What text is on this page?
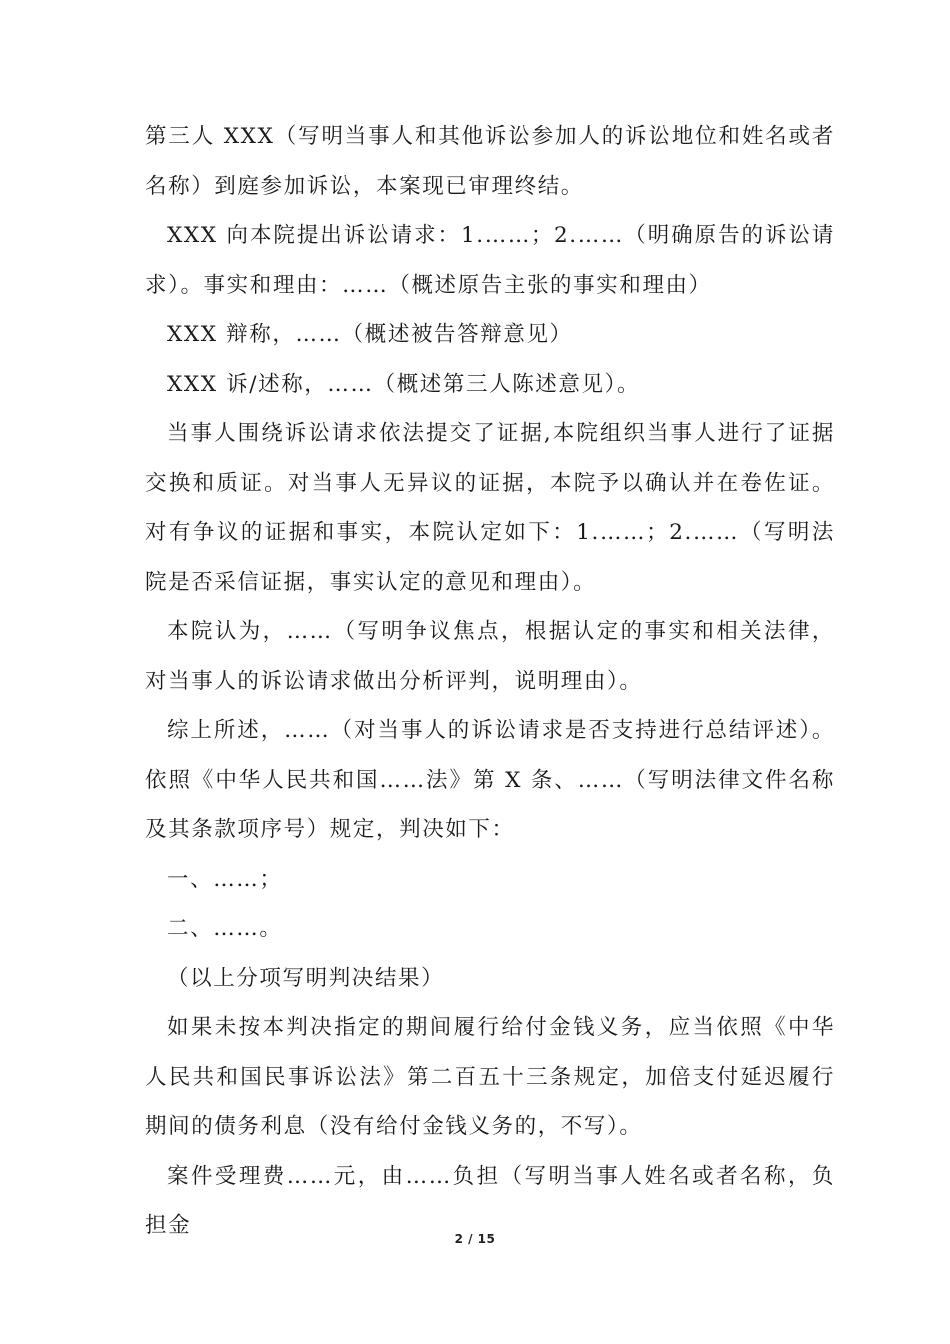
第三人 XXX（写明当事人和其他诉讼参加人的诉讼地位和姓名或者名称）到庭参加诉讼，本案现已审理终结。

XXX 向本院提出诉讼请求：1.……；2.……（明确原告的诉讼请求）。事实和理由：……（概述原告主张的事实和理由）

XXX 辩称，……（概述被告答辩意见）

XXX 诉/述称，……（概述第三人陈述意见）。

当事人围绕诉讼请求依法提交了证据,本院组织当事人进行了证据交换和质证。对当事人无异议的证据，本院予以确认并在卷佐证。对有争议的证据和事实，本院认定如下：1.……；2.……（写明法院是否采信证据，事实认定的意见和理由）。

本院认为，……（写明争议焦点，根据认定的事实和相关法律，对当事人的诉讼请求做出分析评判，说明理由）。

综上所述，……（对当事人的诉讼请求是否支持进行总结评述）。依照《中华人民共和国……法》第 X 条、……（写明法律文件名称及其条款项序号）规定，判决如下：

一、……；

二、……。

（以上分项写明判决结果）

如果未按本判决指定的期间履行给付金钱义务，应当依照《中华人民共和国民事诉讼法》第二百五十三条规定，加倍支付延迟履行期间的债务利息（没有给付金钱义务的，不写）。

案件受理费……元，由……负担（写明当事人姓名或者名称，负担金

2 / 15
